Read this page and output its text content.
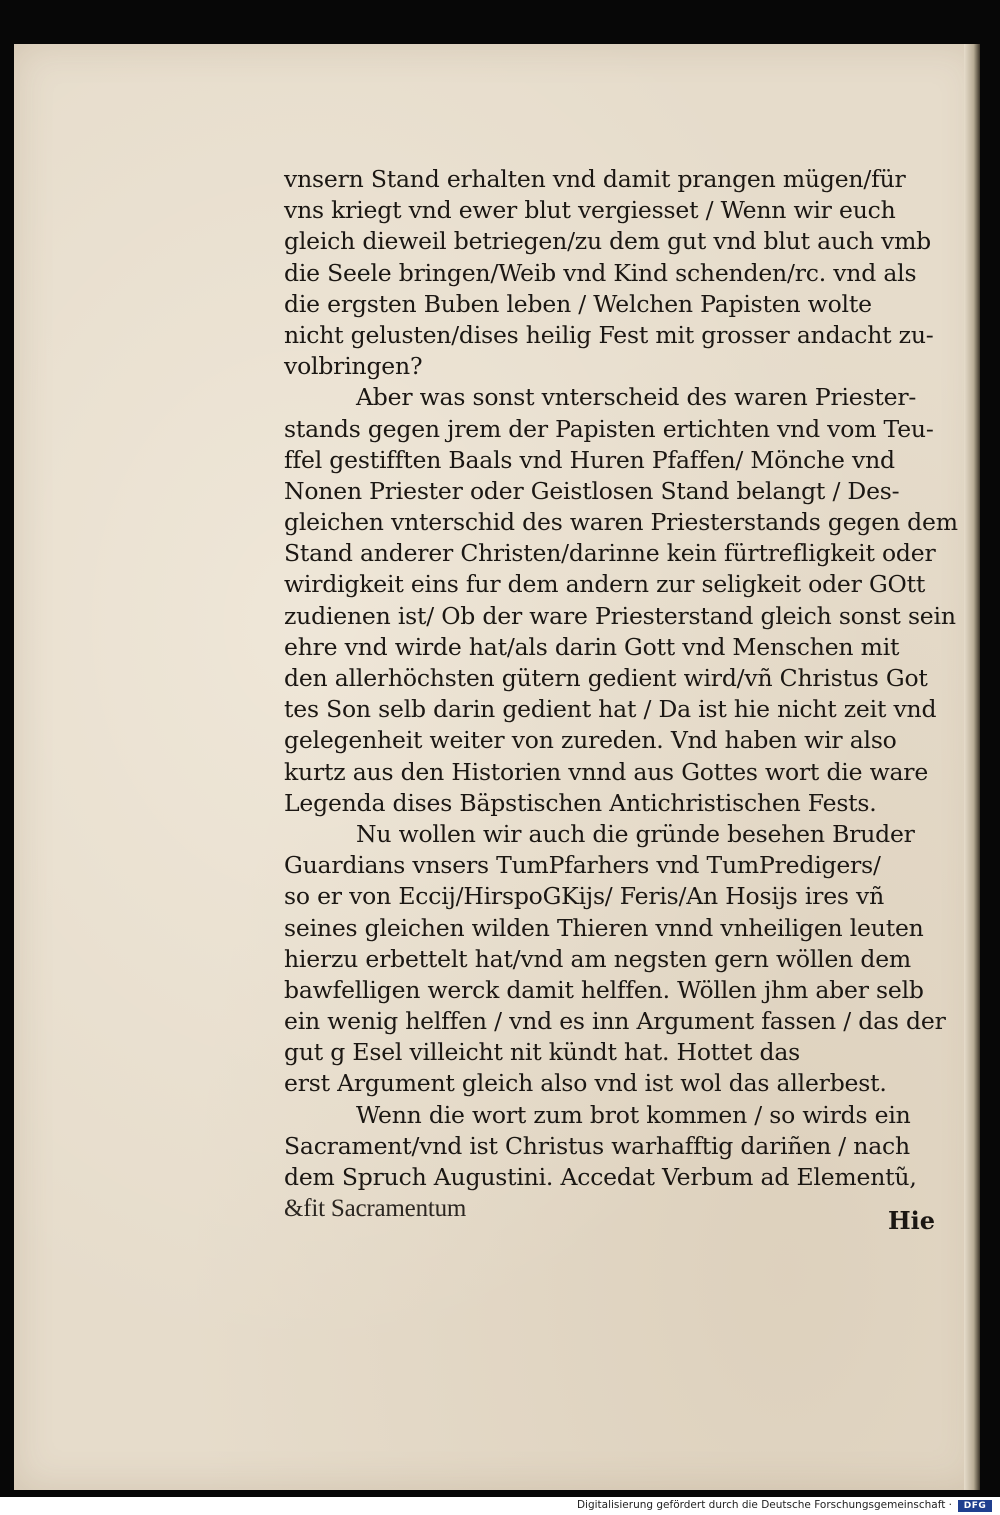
vnsern Stand erhalten vnd damit prangen mügen/für
vns kriegt vnd ewer blut vergiesset / Wenn wir euch
gleich dieweil betriegen/zu dem gut vnd blut auch vmb
die Seele bringen/Weib vnd Kind schenden/rc. vnd als
die ergsten Buben leben / Welchen Papisten wolte
nicht gelusten/dises heilig Fest mit grosser andacht zu-
volbringen?
Aber was sonst vnterscheid des waren Priester-
stands gegen jrem der Papisten ertichten vnd vom Teu-
ffel gestifften Baals vnd Huren Pfaffen/ Mönche vnd
Nonen Priester oder Geistlosen Stand belangt / Des-
gleichen vnterschid des waren Priesterstands gegen dem
Stand anderer Christen/darinne kein fürtrefligkeit oder
wirdigkeit eins fur dem andern zur seligkeit oder GOtt
zudienen ist/ Ob der ware Priesterstand gleich sonst sein
ehre vnd wirde hat/als darin Gott vnd Menschen mit
den allerhöchsten gütern gedient wird/vñ Christus Got
tes Son selb darin gedient hat / Da ist hie nicht zeit vnd
gelegenheit weiter von zureden. Vnd haben wir also
kurtz aus den Historien vnnd aus Gottes wort die ware
Legenda dises Bäpstischen Antichristischen Fests.
Nu wollen wir auch die gründe besehen Bruder
Guardians vnsers TumPfarhers vnd TumPredigers/
so er von Eccij/HirspoGKijs/ Feris/An Hosijs ires vñ
seines gleichen wilden Thieren vnnd vnheiligen leuten
hierzu erbettelt hat/vnd am negsten gern wöllen dem
bawfelligen werck damit helffen. Wöllen jhm aber selb
ein wenig helffen / vnd es inn Argument fassen / das der
gut g Esel villeicht nit kündt hat. Hottet das
erst Argument gleich also vnd ist wol das allerbest.
Wenn die wort zum brot kommen / so wirds ein
Sacrament/vnd ist Christus warhafftig dariñen / nach
dem Spruch Augustini. Accedat Verbum ad Elementũ,
&fit Sacramentum	Hie
Digitalisierung gefördert durch die Deutsche Forschungsgemeinschaft ·	DFG
